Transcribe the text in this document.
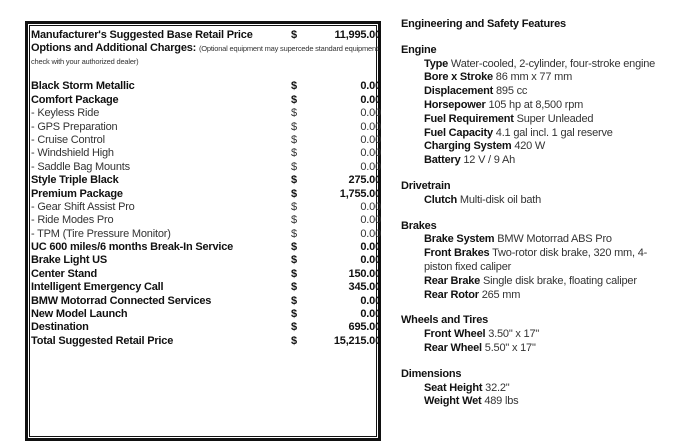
Manufacturer's Suggested Base Retail Price	$	11,995.00
Options and Additional Charges: (Optional equipment may supercede standard equipment; check with your authorized dealer)
Black Storm Metallic	$	0.00
Comfort Package	$	0.00
- Keyless Ride	$	0.00
- GPS Preparation	$	0.00
- Cruise Control	$	0.00
- Windshield High	$	0.00
- Saddle Bag Mounts	$	0.00
Style Triple Black	$	275.00
Premium Package	$	1,755.00
- Gear Shift Assist Pro	$	0.00
- Ride Modes Pro	$	0.00
- TPM (Tire Pressure Monitor)	$	0.00
UC 600 miles/6 months Break-In Service	$	0.00
Brake Light US	$	0.00
Center Stand	$	150.00
Intelligent Emergency Call	$	345.00
BMW Motorrad Connected Services	$	0.00
New Model Launch	$	0.00
Destination	$	695.00
Total Suggested Retail Price	$	15,215.00
Engineering and Safety Features
Engine
Type Water-cooled, 2-cylinder, four-stroke engine
Bore x Stroke 86 mm x 77 mm
Displacement 895 cc
Horsepower 105 hp at 8,500 rpm
Fuel Requirement Super Unleaded
Fuel Capacity 4.1 gal incl. 1 gal reserve
Charging System 420 W
Battery 12 V / 9 Ah
Drivetrain
Clutch Multi-disk oil bath
Brakes
Brake System BMW Motorrad ABS Pro
Front Brakes Two-rotor disk brake, 320 mm, 4-piston fixed caliper
Rear Brake Single disk brake, floating caliper
Rear Rotor 265 mm
Wheels and Tires
Front Wheel 3.50" x 17"
Rear Wheel 5.50" x 17"
Dimensions
Seat Height 32.2"
Weight Wet 489 lbs
